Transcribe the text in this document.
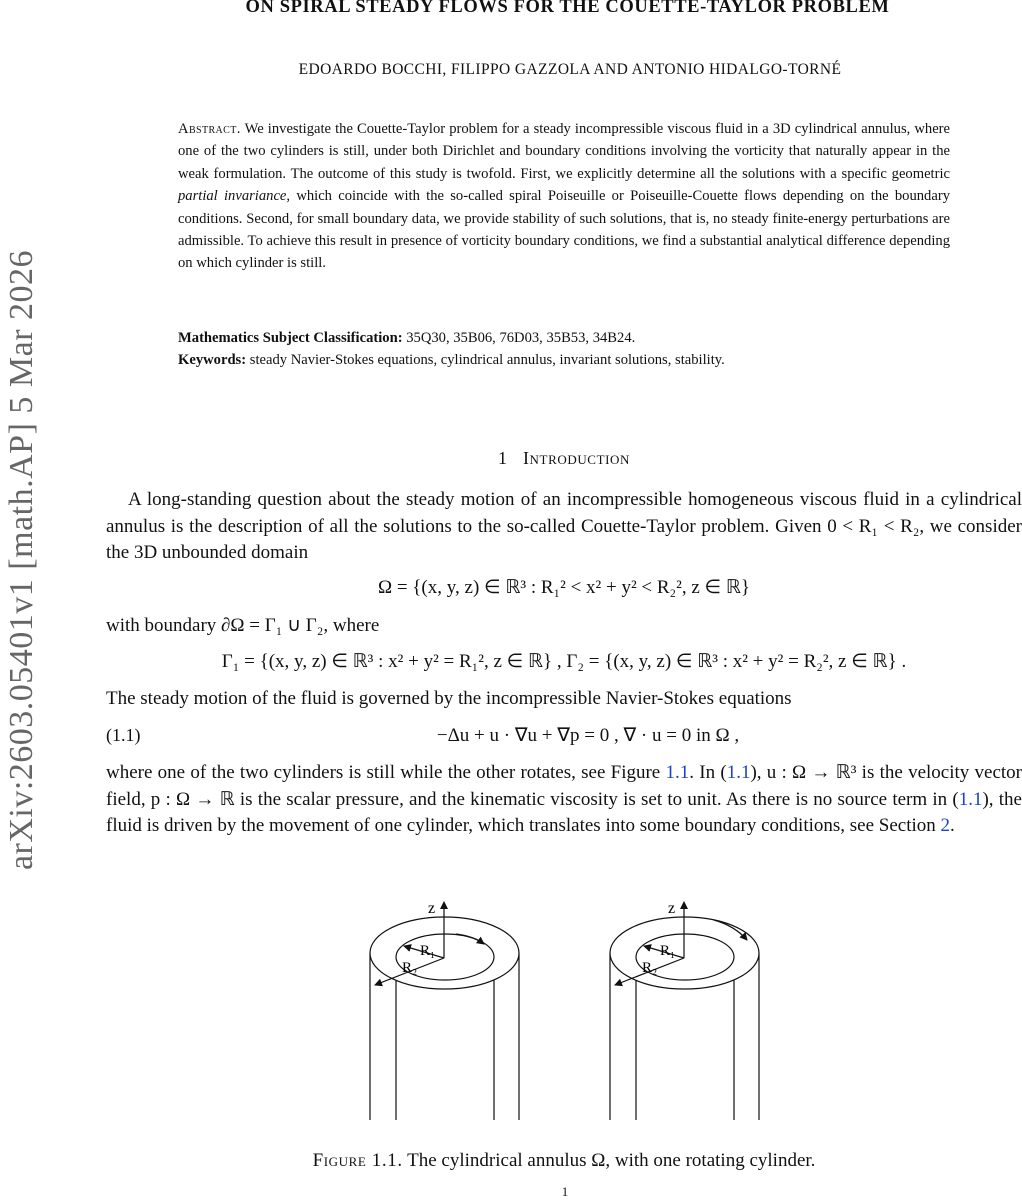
arXiv:2603.05401v1 [math.AP] 5 Mar 2026
ON SPIRAL STEADY FLOWS FOR THE COUETTE-TAYLOR PROBLEM

EDOARDO BOCCHI, FILIPPO GAZZOLA AND ANTONIO HIDALGO-TORNÉ

Abstract. We investigate the Couette-Taylor problem for a steady incompressible viscous fluid in a 3D cylindrical annulus, where one of the two cylinders is still, under both Dirichlet and boundary conditions involving the vorticity that naturally appear in the weak formulation. The outcome of this study is twofold. First, we explicitly determine all the solutions with a specific geometric partial invariance, which coincide with the so-called spiral Poiseuille or Poiseuille-Couette flows depending on the boundary conditions. Second, for small boundary data, we provide stability of such solutions, that is, no steady finite-energy perturbations are admissible. To achieve this result in presence of vorticity boundary conditions, we find a substantial analytical difference depending on which cylinder is still.

Mathematics Subject Classification: 35Q30, 35B06, 76D03, 35B53, 34B24.

Keywords: steady Navier-Stokes equations, cylindrical annulus, invariant solutions, stability.

1 Introduction

A long-standing question about the steady motion of an incompressible homogeneous viscous fluid in a cylindrical annulus is the description of all the solutions to the so-called Couette-Taylor problem. Given 0 < R₁ < R₂, we consider the 3D unbounded domain

Ω = {(x, y, z) ∈ ℝ³ : R₁² < x² + y² < R₂², z ∈ ℝ}

with boundary ∂Ω = Γ₁ ∪ Γ₂, where

Γ₁ = {(x, y, z) ∈ ℝ³ : x² + y² = R₁², z ∈ ℝ} , Γ₂ = {(x, y, z) ∈ ℝ³ : x² + y² = R₂², z ∈ ℝ} .

The steady motion of the fluid is governed by the incompressible Navier-Stokes equations

(1.1)	−Δu + u · ∇u + ∇p = 0 , ∇ · u = 0 in Ω ,

where one of the two cylinders is still while the other rotates, see Figure 1.1. In (1.1), u : Ω → ℝ³ is the velocity vector field, p : Ω → ℝ is the scalar pressure, and the kinematic viscosity is set to unit. As there is no source term in (1.1), the fluid is driven by the movement of one cylinder, which translates into some boundary conditions, see Section 2.

z
R₁
R₂
z
R₁
R₂

Figure 1.1. The cylindrical annulus Ω, with one rotating cylinder.

1
